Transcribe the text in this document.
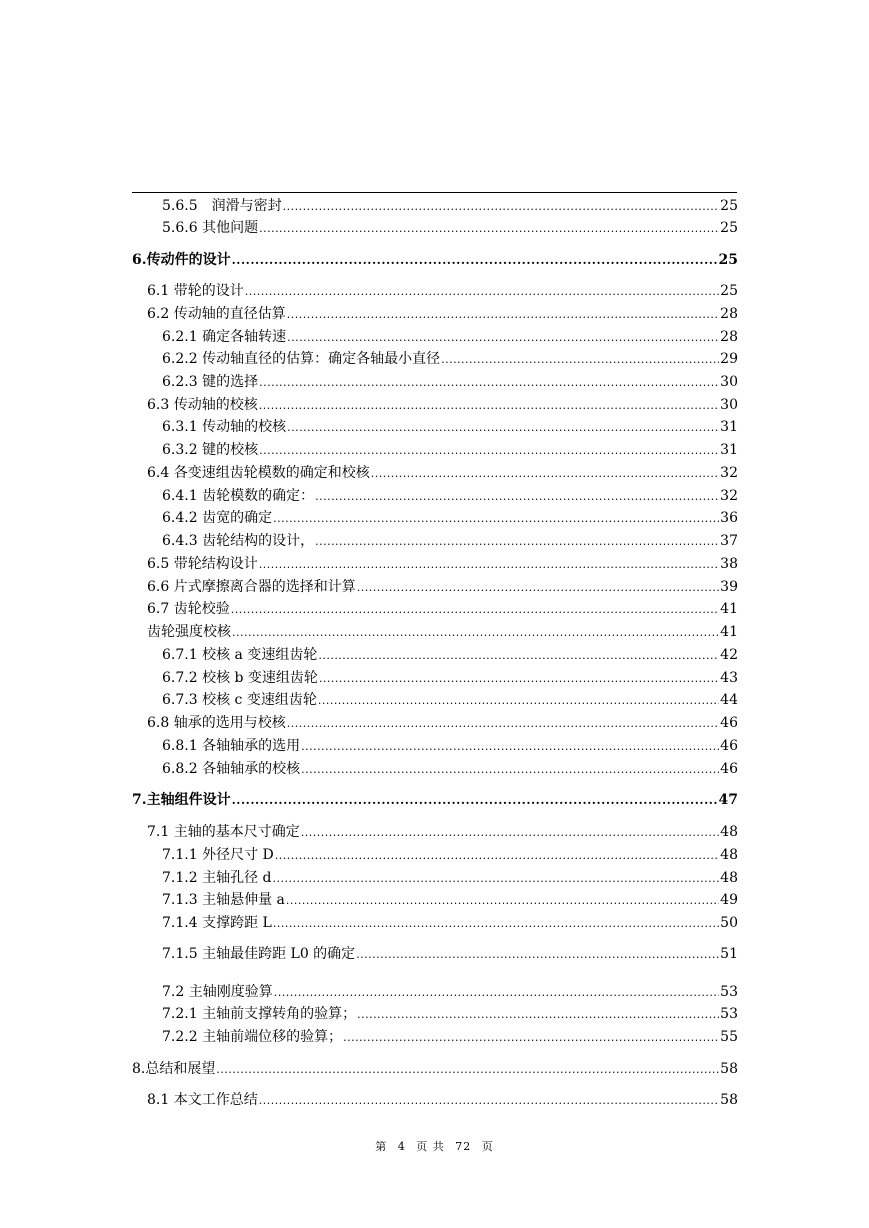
5.6.5　润滑与密封 .....	25
5.6.6 其他问题 .....	25
6.传动件的设计 .....	25
6.1 带轮的设计 .....	25
6.2 传动轴的直径估算 .....	28
6.2.1 确定各轴转速 .....	28
6.2.2 传动轴直径的估算：确定各轴最小直径 .....	29
6.2.3 键的选择 .....	30
6.3 传动轴的校核 .....	30
6.3.1 传动轴的校核 .....	31
6.3.2 键的校核 .....	31
6.4 各变速组齿轮模数的确定和校核 .....	32
6.4.1 齿轮模数的确定： .....	32
6.4.2 齿宽的确定 .....	36
6.4.3 齿轮结构的设计， .....	37
6.5 带轮结构设计 .....	38
6.6 片式摩擦离合器的选择和计算 .....	39
6.7 齿轮校验 .....	41
齿轮强度校核 .....	41
6.7.1 校核 a 变速组齿轮 .....	42
6.7.2 校核 b 变速组齿轮 .....	43
6.7.3 校核 c 变速组齿轮 .....	44
6.8 轴承的选用与校核 .....	46
6.8.1 各轴轴承的选用 .....	46
6.8.2 各轴轴承的校核 .....	46
7.主轴组件设计 .....	47
7.1 主轴的基本尺寸确定 .....	48
7.1.1 外径尺寸 D .....	48
7.1.2 主轴孔径 d .....	48
7.1.3 主轴悬伸量 a .....	49
7.1.4 支撑跨距 L .....	50
7.1.5 主轴最佳跨距 L0 的确定 .....	51
7.2 主轴刚度验算 .....	53
7.2.1 主轴前支撑转角的验算； .....	53
7.2.2 主轴前端位移的验算； .....	55
8.总结和展望 .....	58
8.1 本文工作总结 .....	58
第 4 页 共 72 页
